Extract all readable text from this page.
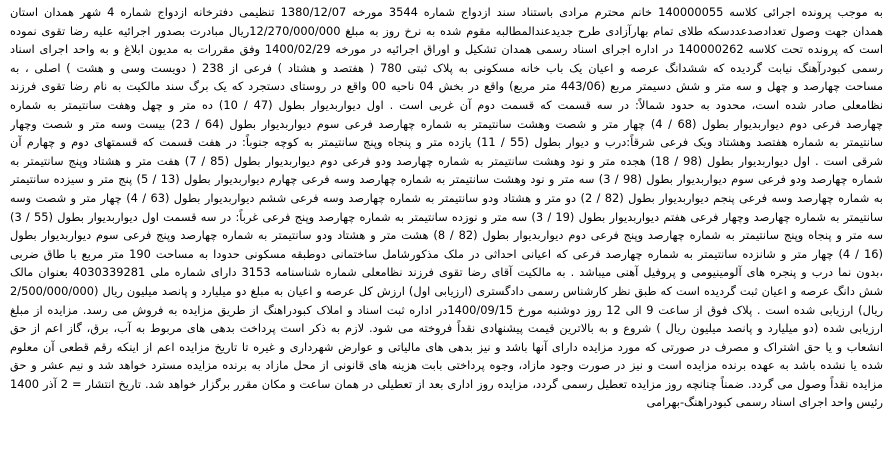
به موجب پرونده اجرائی کلاسه 140000055 خانم محترم مرادی باستناد سند ازدواج شماره 3544 مورخه 1380/12/07 تنظیمی دفترخانه ازدواج شماره 4 شهر همدان استان
همدان جهت وصول تعدادصدعددسکه طلای تمام بهارآزادی طرح جدیدعندالمطالبه مقوم شده به نرخ روز به مبلغ 12/270/000/000ریال مبادرت بصدور اجرائیه علیه رضا تقوی نموده
است که پرونده تحت کلاسه 140000262 در اداره اجرای اسناد رسمی همدان تشکیل و اوراق اجرائیه در مورخه 1400/02/29 وفق مقررات به مدیون ابلاغ و به واحد اجرای اسناد
رسمی کبودرآهنگ نیابت گردیده که ششدانگ عرصه و اعیان یک باب خانه مسکونی به پلاک ثبتی 780 ( هفتصد و هشتاد ) فرعی از 238 ( دویست وسی و هشت ) اصلی ، به
مساحت چهارصد و چهل و سه متر و شش دسیمتر مربع (443/06 متر مربع) واقع در بخش 04 ناحیه 00 واقع در روستای دستجرد که یک برگ سند مالکیت به نام رضا تقوی فرزند
نظامعلی صادر شده است، محدود به حدود شمالاً: در سه قسمت که قسمت دوم آن غربی است . اول دیواربدیوار بطول (47 / 10) ده متر و چهل وهفت سانتیمتر به شماره
چهارصد فرعی دوم دیواربدیوار بطول (68 / 4) چهار متر و شصت وهشت سانتیمتر به شماره چهارصد فرعی سوم دیواربدیوار بطول (64 / 23) بیست وسه متر و شصت وچهار
سانتیمتر به شماره هفتصد وهشتاد ویک فرعی شرقاً:درب و دیوار بطول (55 / 11) یازده متر و پنجاه وپنج سانتیمتر به کوچه جنوباً: در هفت قسمت که قسمتهای دوم و چهارم آن
شرقی است . اول دیواربدیوار بطول (98 / 18) هجده متر و نود وهشت سانتیمتر به شماره چهارصد ودو فرعی دوم دیواربدیوار بطول (85 / 7) هفت متر و هشتاد وپنج سانتیمتر به
شماره چهارصد ودو فرعی سوم دیواربدیوار بطول (98 / 3) سه متر و نود وهشت سانتیمتر به شماره چهارصد وسه فرعی چهارم دیواربدیوار بطول (13 / 5) پنج متر و سیزده سانتیمتر
به شماره چهارصد وسه فرعی پنجم دیواربدیوار بطول (82 / 2) دو متر و هشتاد ودو سانتیمتر به شماره چهارصد وسه فرعی ششم دیواربدیوار بطول (63 / 4) چهار متر و شصت وسه
سانتیمتر به شماره چهارصد وچهار فرعی هفتم دیواربدیوار بطول (19 / 3) سه متر و نوزده سانتیمتر به شماره چهارصد وپنج فرعی غرباً: در سه قسمت اول دیواربدیوار بطول (55 / 3)
سه متر و پنجاه وپنج سانتیمتر به شماره چهارصد وپنج فرعی دوم دیواربدیوار بطول (82 / 8) هشت متر و هشتاد ودو سانتیمتر به شماره چهارصد وپنج فرعی سوم دیواربدیوار بطول
(16 / 4) چهار متر و شانزده سانتیمتر به شماره چهارصد فرعی که اعیانی احداثی در ملک مذکورشامل ساختمانی دوطبقه مسکونی حدودا به مساحت 190 متر مربع با طاق ضربی
،بدون نما درب و پنجره های آلومینیومی و پروفیل آهنی میباشد . به مالکیت آقای رضا تقوی فرزند نظامعلی شماره شناسنامه 3153 دارای شماره ملی 4030339281 بعنوان مالک
شش دانگ عرصه و اعیان ثبت گردیده است که طبق نظر کارشناس رسمی دادگستری (ارزیابی اول) ارزش کل عرصه و اعیان به مبلغ دو میلیارد و پانصد میلیون ریال (2/500/000/000
ریال) ارزیابی شده است . پلاک فوق از ساعت 9 الی 12 روز دوشنبه مورخ 1400/09/15در اداره ثبت اسناد و املاک کبودراهنگ از طریق مزایده به فروش می رسد. مزایده از مبلغ
ارزیابی شده (دو میلیارد و پانصد میلیون ریال ) شروع و به بالاترین قیمت پیشنهادی نقداً فروخته می شود. لازم به ذکر است پرداخت بدهی های مربوط به آب، برق، گاز اعم از حق
انشعاب و یا حق اشتراک و مصرف در صورتی که مورد مزایده دارای آنها باشد و نیز بدهی های مالیاتی و عوارض شهرداری و غیره تا تاریخ مزایده اعم از اینکه رقم قطعی آن معلوم
شده یا نشده باشد به عهده برنده مزایده است و نیز در صورت وجود مازاد، وجوه پرداختی بابت هزینه های قانونی از محل مازاد به برنده مزایده مسترد خواهد شد و نیم عشر و حق
مزایده نقداً وصول می گردد. ضمناً چنانچه روز مزایده تعطیل رسمی گردد، مزایده روز اداری بعد از تعطیلی در همان ساعت و مکان مقرر برگزار خواهد شد. تاریخ انتشار = 2 آذر 1400
رئیس واحد اجرای اسناد رسمی کبودراهنگ-بهرامی
